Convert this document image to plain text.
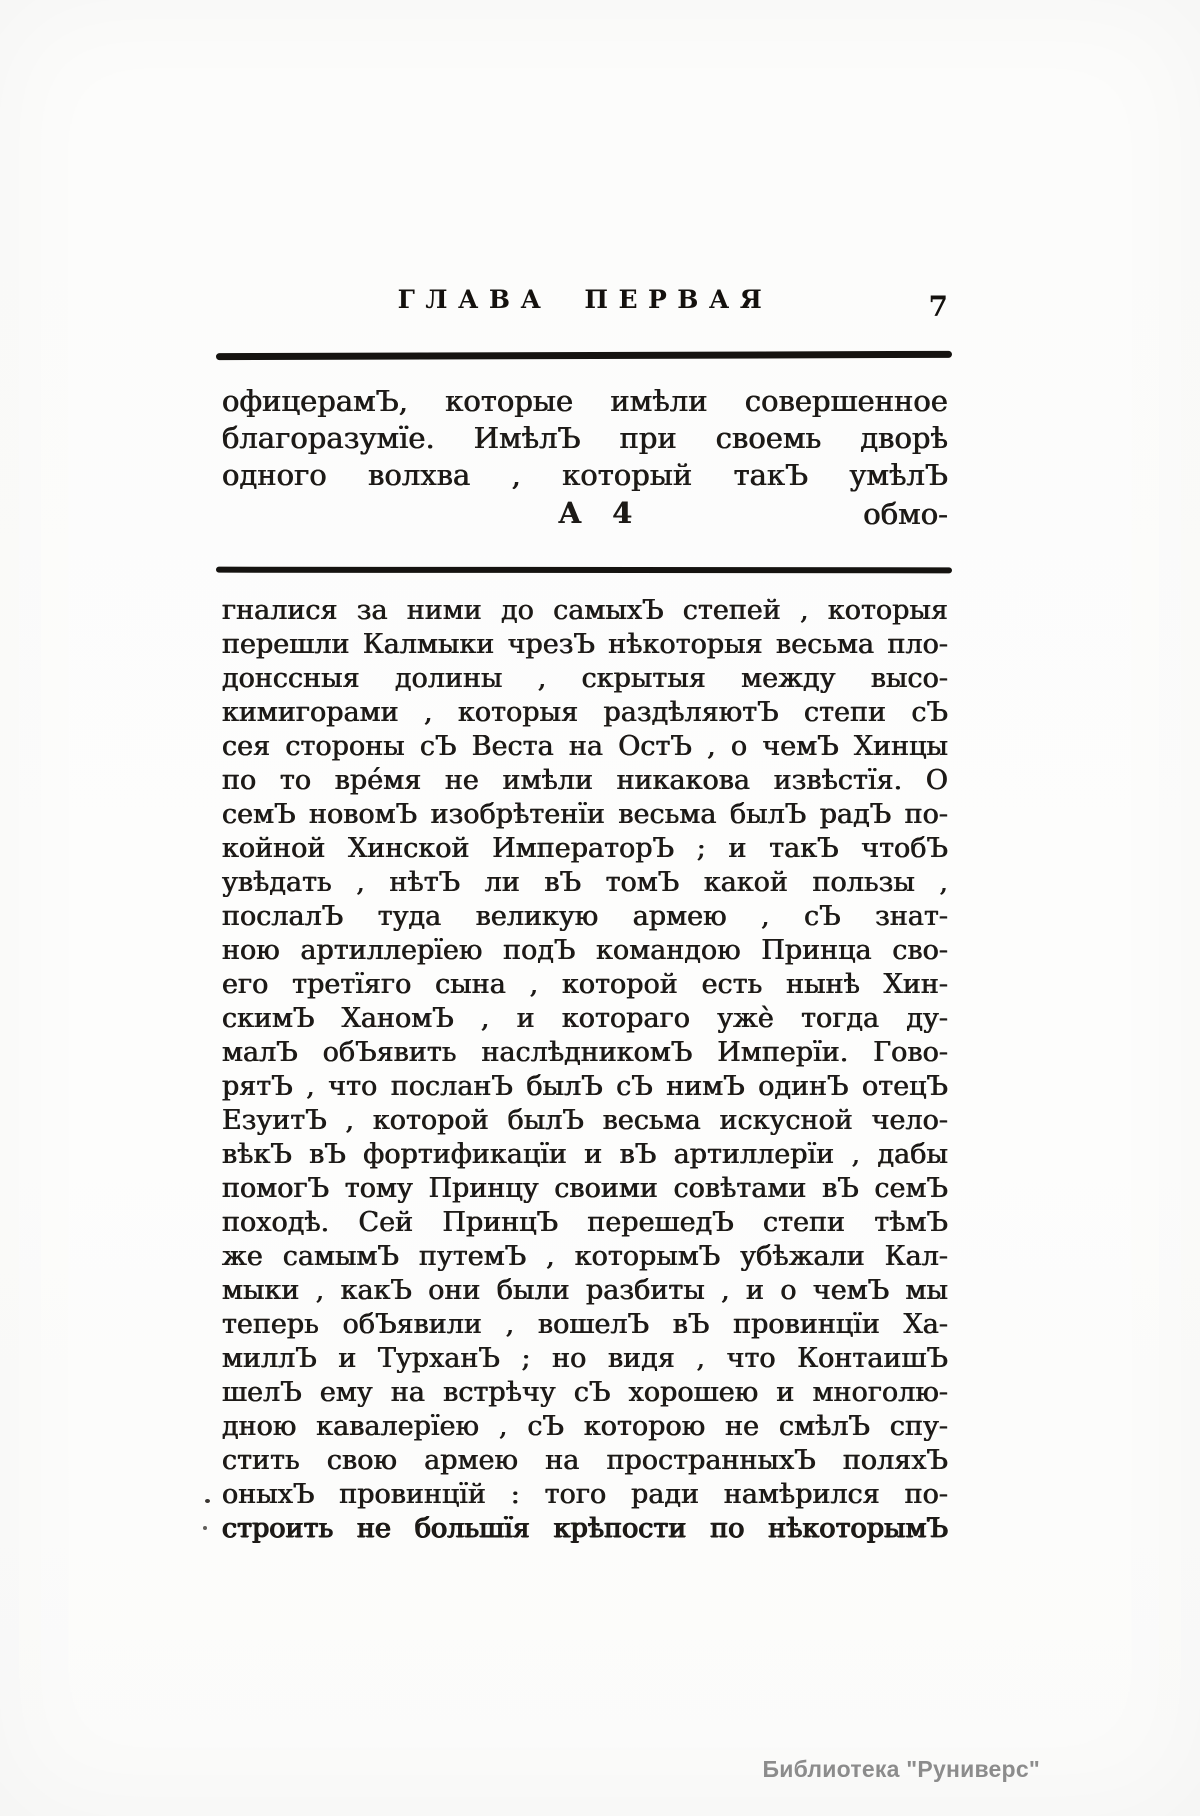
ГЛАВА ПЕРВАЯ	7
офицерамЪ, которые имѣли совершенное
благоразумїе. ИмѣлЪ при своемь дворѣ
одного волхва , который такЪ умѣлЪ
А 4	обмо-
гналися за ними до самыхЪ степей , которыя
перешли Калмыки чрезЪ нѣкоторыя весьма пло-
донссныя долины , скрытыя между высо-
кимигорами , которыя раздѣляютЪ степи сЪ
сея стороны сЪ Веста на ОстЪ , о чемЪ Хинцы
по то вре́мя не имѣли никакова извѣстїя. О
семЪ новомЪ изобрѣтенїи весьма былЪ радЪ по-
койной Хинской ИмператорЪ ; и такЪ чтобЪ
увѣдать , нѣтЪ ли вЪ томЪ какой пользы ,
послалЪ туда великую армею , сЪ знат-
ною артиллерїею подЪ командою Принца сво-
его третїяго сына , которой есть нынѣ Хин-
скимЪ ХаномЪ , и котораго ужѐ тогда ду-
малЪ обЪявить наслѣдникомЪ Имперїи. Гово-
рятЪ , что посланЪ былЪ сЪ нимЪ одинЪ отецЪ
ЕзуитЪ , которой былЪ весьма искусной чело-
вѣкЪ вЪ фортификацїи и вЪ артиллерїи , дабы
помогЪ тому Принцу своими совѣтами вЪ семЪ
походѣ. Сей ПринцЪ перешедЪ степи тѣмЪ
же самымЪ путемЪ , которымЪ убѣжали Кал-
мыки , какЪ они были разбиты , и о чемЪ мы
теперь обЪявили , вошелЪ вЪ провинцїи Ха-
миллЪ и ТурханЪ ; но видя , что КонтаишЪ
шелЪ ему на встрѣчу сЪ хорошею и многолю-
дною кавалерїею , сЪ которою не смѣлЪ спу-
стить свою армею на пространныхЪ поляхЪ
оныхЪ провинцїй : того ради намѣрился по-
строить не большїя крѣпости по нѣкоторымЪ
Библиотека "Руниверс"
